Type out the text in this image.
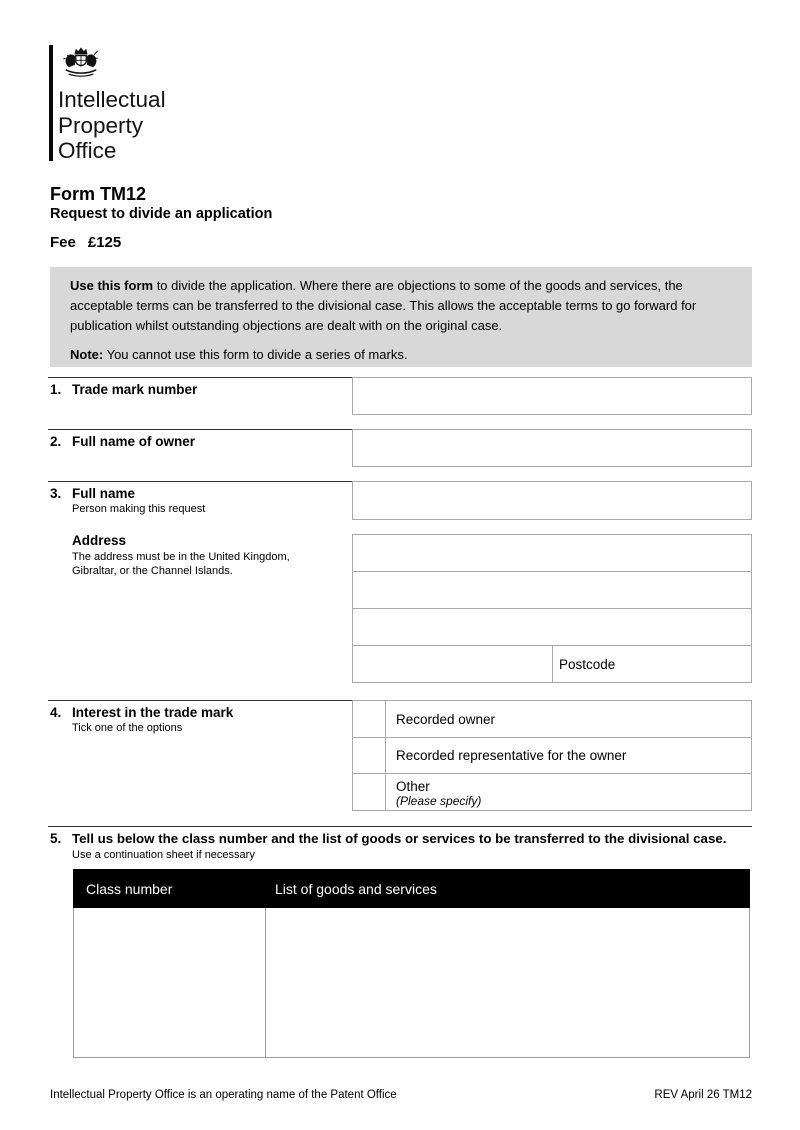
Intellectual
Property
Office
Form TM12
Request to divide an application
Fee £125

Use this form to divide the application. Where there are objections to some of the goods and services, the acceptable terms can be transferred to the divisional case. This allows the acceptable terms to go forward for publication whilst outstanding objections are dealt with on the original case.

Note: You cannot use this form to divide a series of marks.

1. Trade mark number
2. Full name of owner
3. Full name
Person making this request
Address
The address must be in the United Kingdom,
Gibraltar, or the Channel Islands.
Postcode
4. Interest in the trade mark
Tick one of the options
Recorded owner
Recorded representative for the owner
Other
(Please specify)
5. Tell us below the class number and the list of goods or services to be transferred to the divisional case.
Use a continuation sheet if necessary
Class number	List of goods and services
Intellectual Property Office is an operating name of the Patent Office	REV April 26 TM12
